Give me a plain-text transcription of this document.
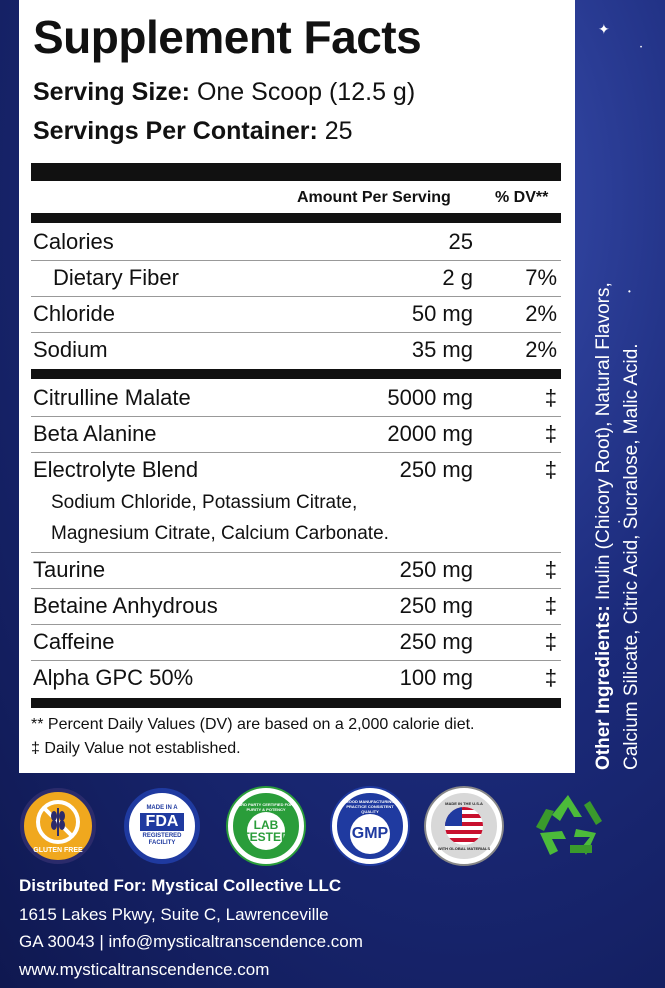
✦
•
•
•
Supplement Facts
Serving Size: One Scoop (12.5 g)
Servings Per Container: 25
Amount Per Serving	% DV**
Calories	25
Dietary Fiber	2 g 7%
Chloride	50 mg 2%
Sodium	35 mg 2%
Citrulline Malate	5000 mg	‡
Beta Alanine	2000 mg	‡
Electrolyte Blend	250 mg	‡
Sodium Chloride, Potassium Citrate,
Magnesium Citrate, Calcium Carbonate.
Taurine	250 mg	‡
Betaine Anhydrous	250 mg	‡
Caffeine	250 mg	‡
Alpha GPC 50%	100 mg	‡
** Percent Daily Values (DV) are based on a 2,000 calorie diet.
‡ Daily Value not established.	Other Ingredients: Inulin (Chicory Root), Natural Flavors, Calcium Silicate, Citric Acid, Sucralose, Malic Acid.
GLUTEN FREE
MADE IN A
FDA
REGISTERED FACILITY
3RD PARTY CERTIFIED FOR PURITY & POTENCY
LAB TESTED
GOOD MANUFACTURING PRACTICE CONSISTENT QUALITY
GMP
MADE IN THE U.S.A
WITH GLOBAL MATERIALS
Distributed For: Mystical Collective LLC
1615 Lakes Pkwy, Suite C, Lawrenceville
GA 30043 | info@mysticaltranscendence.com
www.mysticaltranscendence.com
